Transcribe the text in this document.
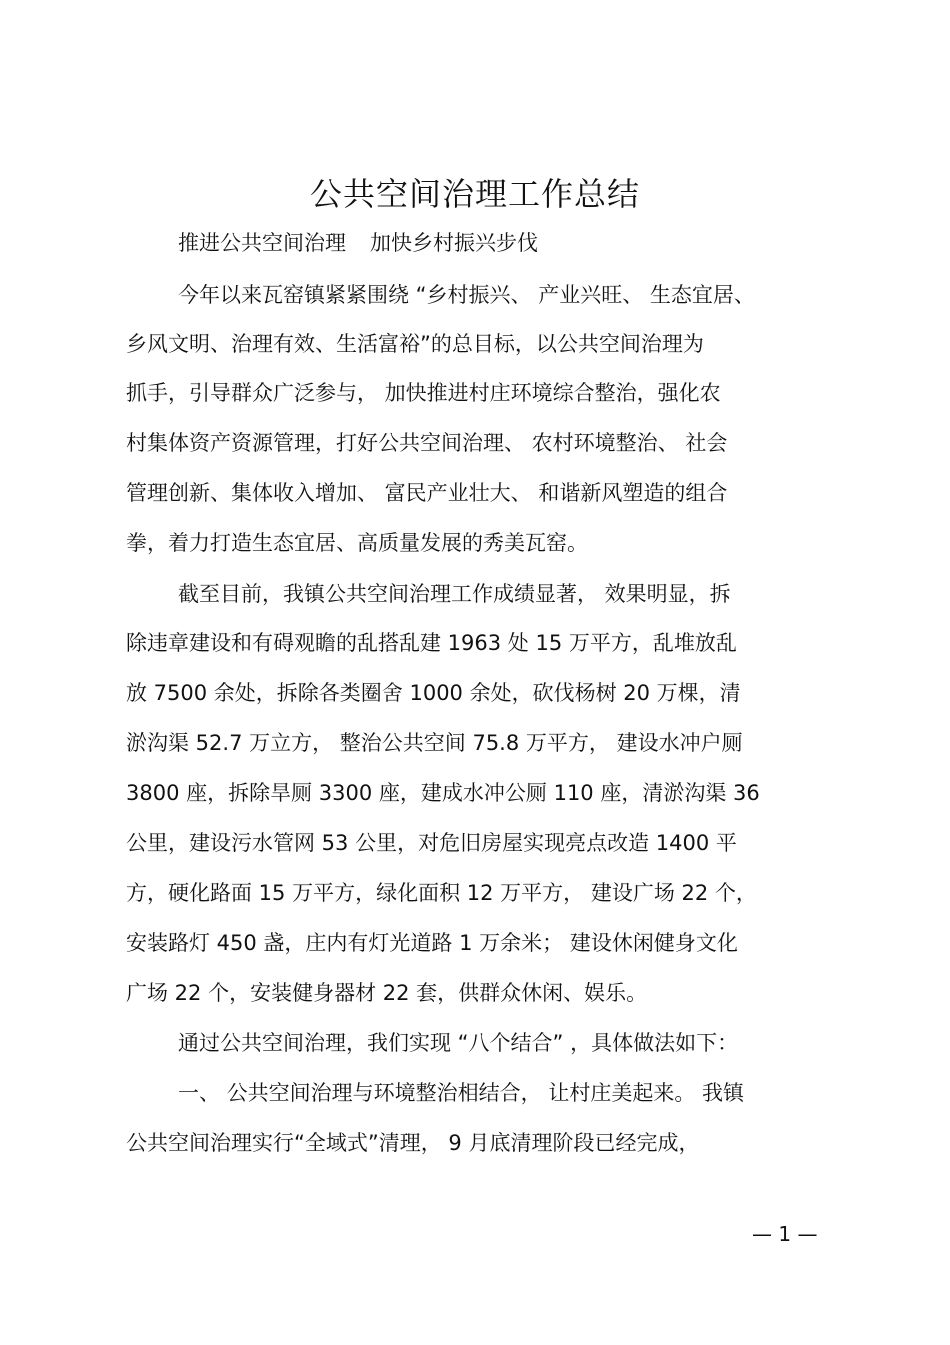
公共空间治理工作总结
推进公共空间治理 加快乡村振兴步伐
今年以来瓦窑镇紧紧围绕 “乡村振兴、 产业兴旺、 生态宜居、
乡风文明、治理有效、生活富裕”的总目标，以公共空间治理为
抓手，引导群众广泛参与， 加快推进村庄环境综合整治，强化农
村集体资产资源管理，打好公共空间治理、 农村环境整治、 社会
管理创新、集体收入增加、 富民产业壮大、 和谐新风塑造的组合
拳，着力打造生态宜居、高质量发展的秀美瓦窑。
截至目前，我镇公共空间治理工作成绩显著， 效果明显，拆
除违章建设和有碍观瞻的乱搭乱建 1963 处 15 万平方，乱堆放乱
放 7500 余处，拆除各类圈舍 1000 余处，砍伐杨树 20 万棵，清
淤沟渠 52.7 万立方， 整治公共空间 75.8 万平方， 建设水冲户厕
3800 座，拆除旱厕 3300 座，建成水冲公厕 110 座，清淤沟渠 36
公里，建设污水管网 53 公里，对危旧房屋实现亮点改造 1400 平
方，硬化路面 15 万平方，绿化面积 12 万平方， 建设广场 22 个，
安装路灯 450 盏，庄内有灯光道路 1 万余米； 建设休闲健身文化
广场 22 个，安装健身器材 22 套，供群众休闲、娱乐。
通过公共空间治理，我们实现 “八个结合” ，具体做法如下：
一、 公共空间治理与环境整治相结合， 让村庄美起来。 我镇
公共空间治理实行“全域式”清理， 9 月底清理阶段已经完成，
— 1 —
